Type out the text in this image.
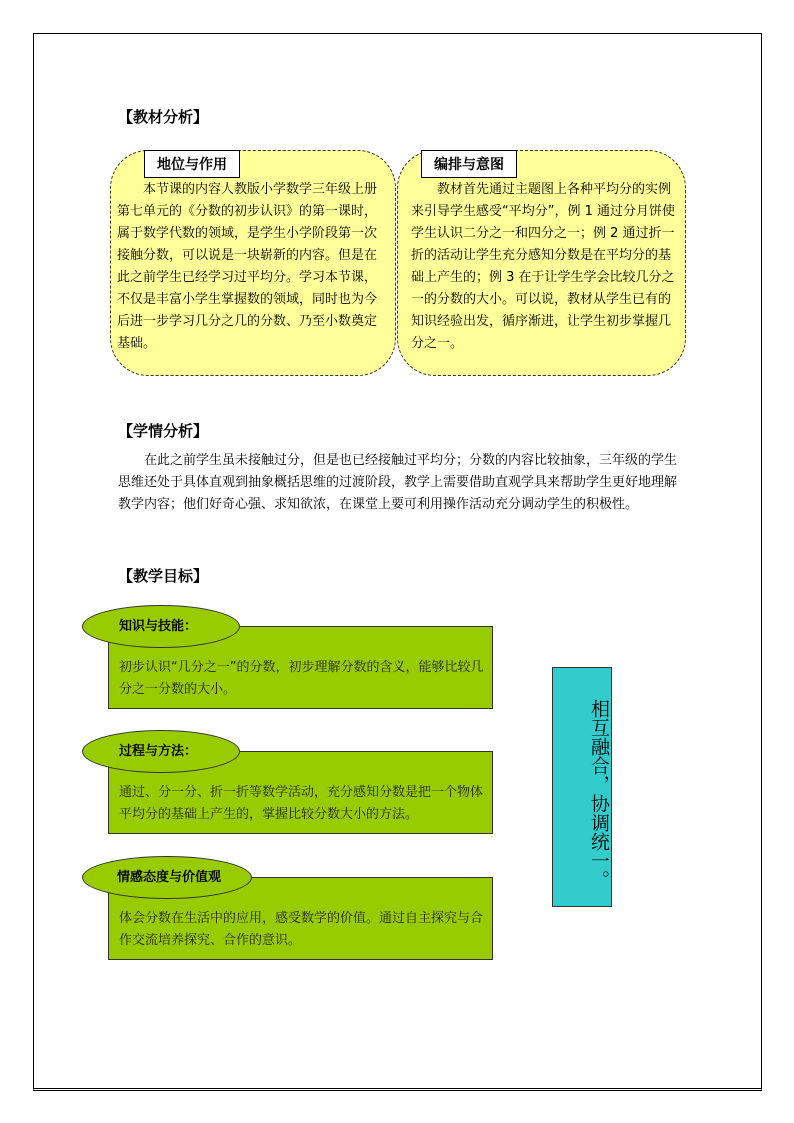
【教材分析】
地位与作用
本节课的内容人教版小学数学三年级上册第七单元的《分数的初步认识》的第一课时，属于数学代数的领域，是学生小学阶段第一次接触分数，可以说是一块崭新的内容。但是在此之前学生已经学习过平均分。学习本节课，不仅是丰富小学生掌握数的领域，同时也为今后进一步学习几分之几的分数、乃至小数奠定基础。
编排与意图
教材首先通过主题图上各种平均分的实例来引导学生感受“平均分”，例 1 通过分月饼使学生认识二分之一和四分之一；例 2 通过折一折的活动让学生充分感知分数是在平均分的基础上产生的；例 3 在于让学生学会比较几分之一的分数的大小。可以说，教材从学生已有的知识经验出发，循序渐进，让学生初步掌握几分之一。
【学情分析】
在此之前学生虽未接触过分，但是也已经接触过平均分；分数的内容比较抽象，三年级的学生思维还处于具体直观到抽象概括思维的过渡阶段，教学上需要借助直观学具来帮助学生更好地理解教学内容；他们好奇心强、求知欲浓，在课堂上要可利用操作活动充分调动学生的积极性。
【教学目标】
初步认识“几分之一”的分数，初步理解分数的含义，能够比较几分之一分数的大小。
知识与技能：
通过、分一分、折一折等数学活动，充分感知分数是把一个物体平均分的基础上产生的，掌握比较分数大小的方法。
过程与方法：
体会分数在生活中的应用，感受数学的价值。通过自主探究与合作交流培养探究、合作的意识。
情感态度与价值观	相互融合，协调统一。
